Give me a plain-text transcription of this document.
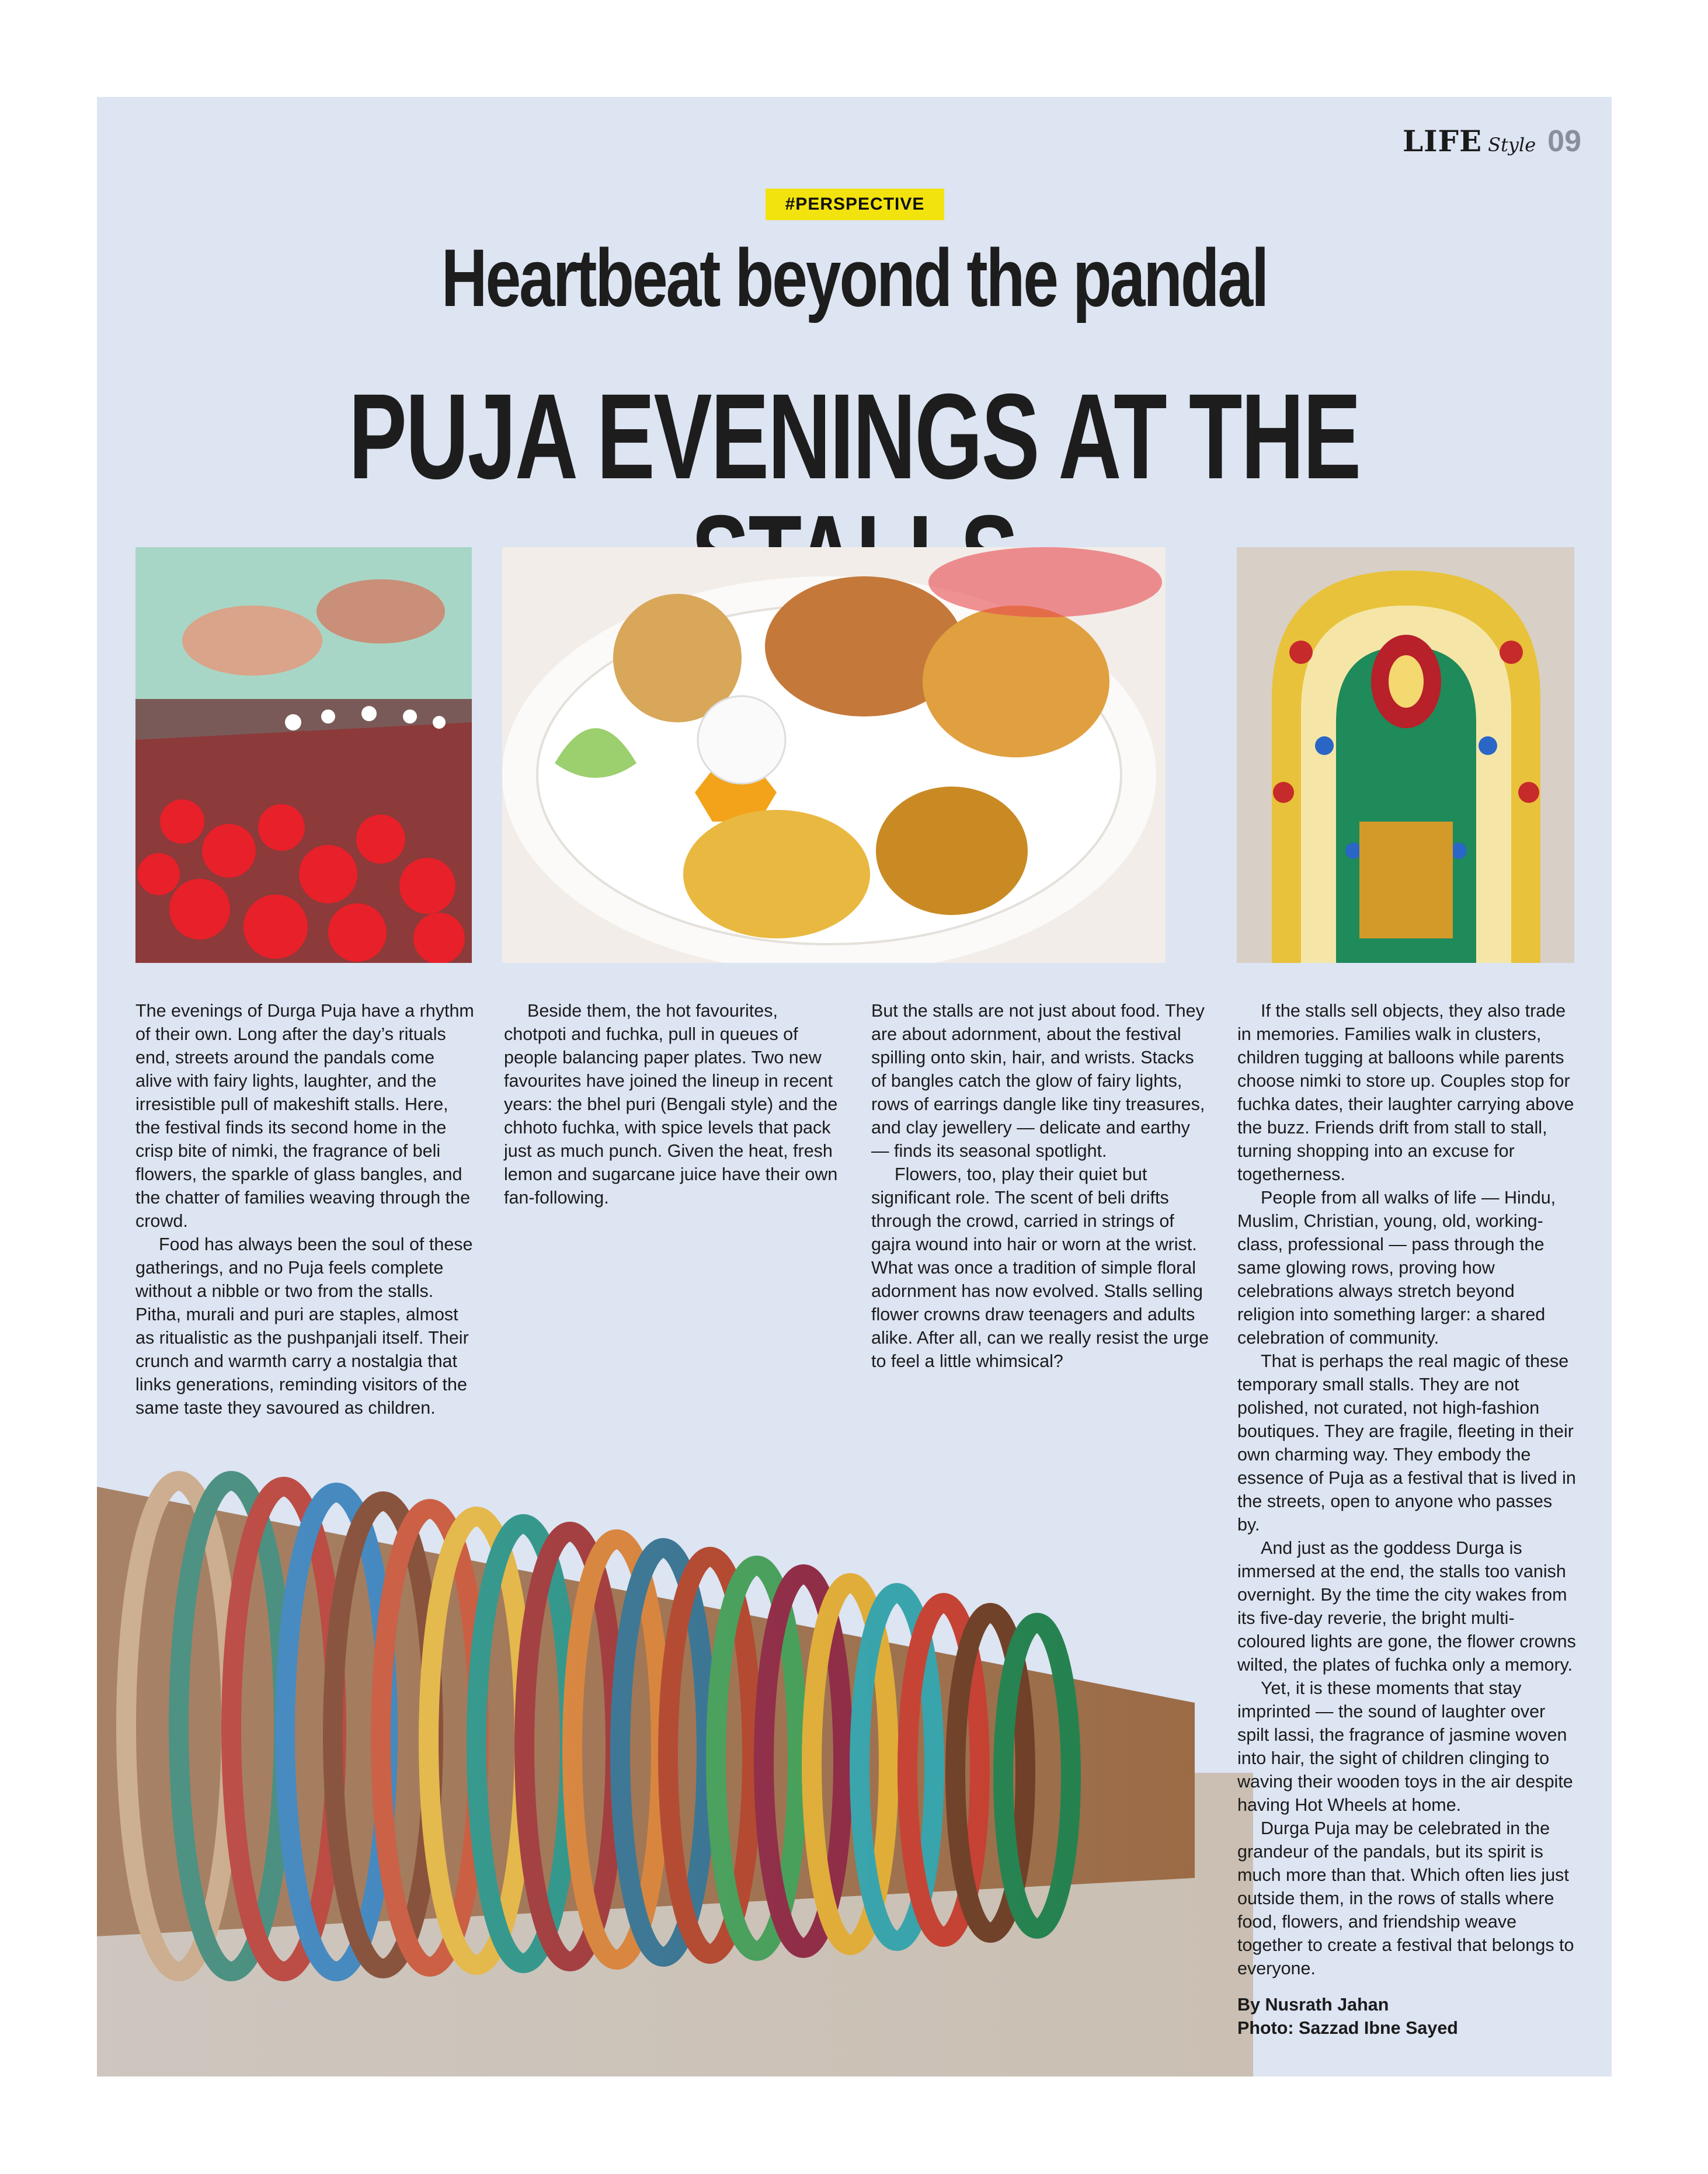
LIFE Style 09
#PERSPECTIVE
Heartbeat beyond the pandal
PUJA EVENINGS AT THE

The evenings of Durga Puja have a rhythm of their own. Long after the day’s rituals end, streets around the pandals come alive with fairy lights, laughter, and the irresistible pull of makeshift stalls. Here, the festival finds its second home in the crisp bite of nimki, the fragrance of beli flowers, the sparkle of glass bangles, and the chatter of families weaving through the crowd.

Food has always been the soul of these gatherings, and no Puja feels complete without a nibble or two from the stalls. Pitha, murali and puri are staples, almost as ritualistic as the pushpanjali itself. Their crunch and warmth carry a nostalgia that links generations, reminding visitors of the same taste they savoured as children.

Beside them, the hot favourites, chotpoti and fuchka, pull in queues of people balancing paper plates. Two new favourites have joined the lineup in recent years: the bhel puri (Bengali style) and the chhoto fuchka, with spice levels that pack just as much punch. Given the heat, fresh lemon and sugarcane juice have their own fan-following.

But the stalls are not just about food. They are about adornment, about the festival spilling onto skin, hair, and wrists. Stacks of bangles catch the glow of fairy lights, rows of earrings dangle like tiny treasures, and clay jewellery — delicate and earthy — finds its seasonal spotlight.

Flowers, too, play their quiet but significant role. The scent of beli drifts through the crowd, carried in strings of gajra wound into hair or worn at the wrist. What was once a tradition of simple floral adornment has now evolved. Stalls selling flower crowns draw teenagers and adults alike. After all, can we really resist the urge to feel a little whimsical?

If the stalls sell objects, they also trade in memories. Families walk in clusters, children tugging at balloons while parents choose nimki to store up. Couples stop for fuchka dates, their laughter carrying above the buzz. Friends drift from stall to stall, turning shopping into an excuse for togetherness.

People from all walks of life — Hindu, Muslim, Christian, young, old, working-class, professional — pass through the same glowing rows, proving how celebrations always stretch beyond religion into something larger: a shared celebration of community.

That is perhaps the real magic of these temporary small stalls. They are not polished, not curated, not high-fashion boutiques. They are fragile, fleeting in their own charming way. They embody the essence of Puja as a festival that is lived in the streets, open to anyone who passes by.

And just as the goddess Durga is immersed at the end, the stalls too vanish overnight. By the time the city wakes from its five-day reverie, the bright multi-coloured lights are gone, the flower crowns wilted, the plates of fuchka only a memory.

Yet, it is these moments that stay imprinted — the sound of laughter over spilt lassi, the fragrance of jasmine woven into hair, the sight of children clinging to waving their wooden toys in the air despite having Hot Wheels at home.

Durga Puja may be celebrated in the grandeur of the pandals, but its spirit is much more than that. Which often lies just outside them, in the rows of stalls where food, flowers, and friendship weave together to create a festival that belongs to everyone.

By Nusrath Jahan
Photo: Sazzad Ibne Sayed
